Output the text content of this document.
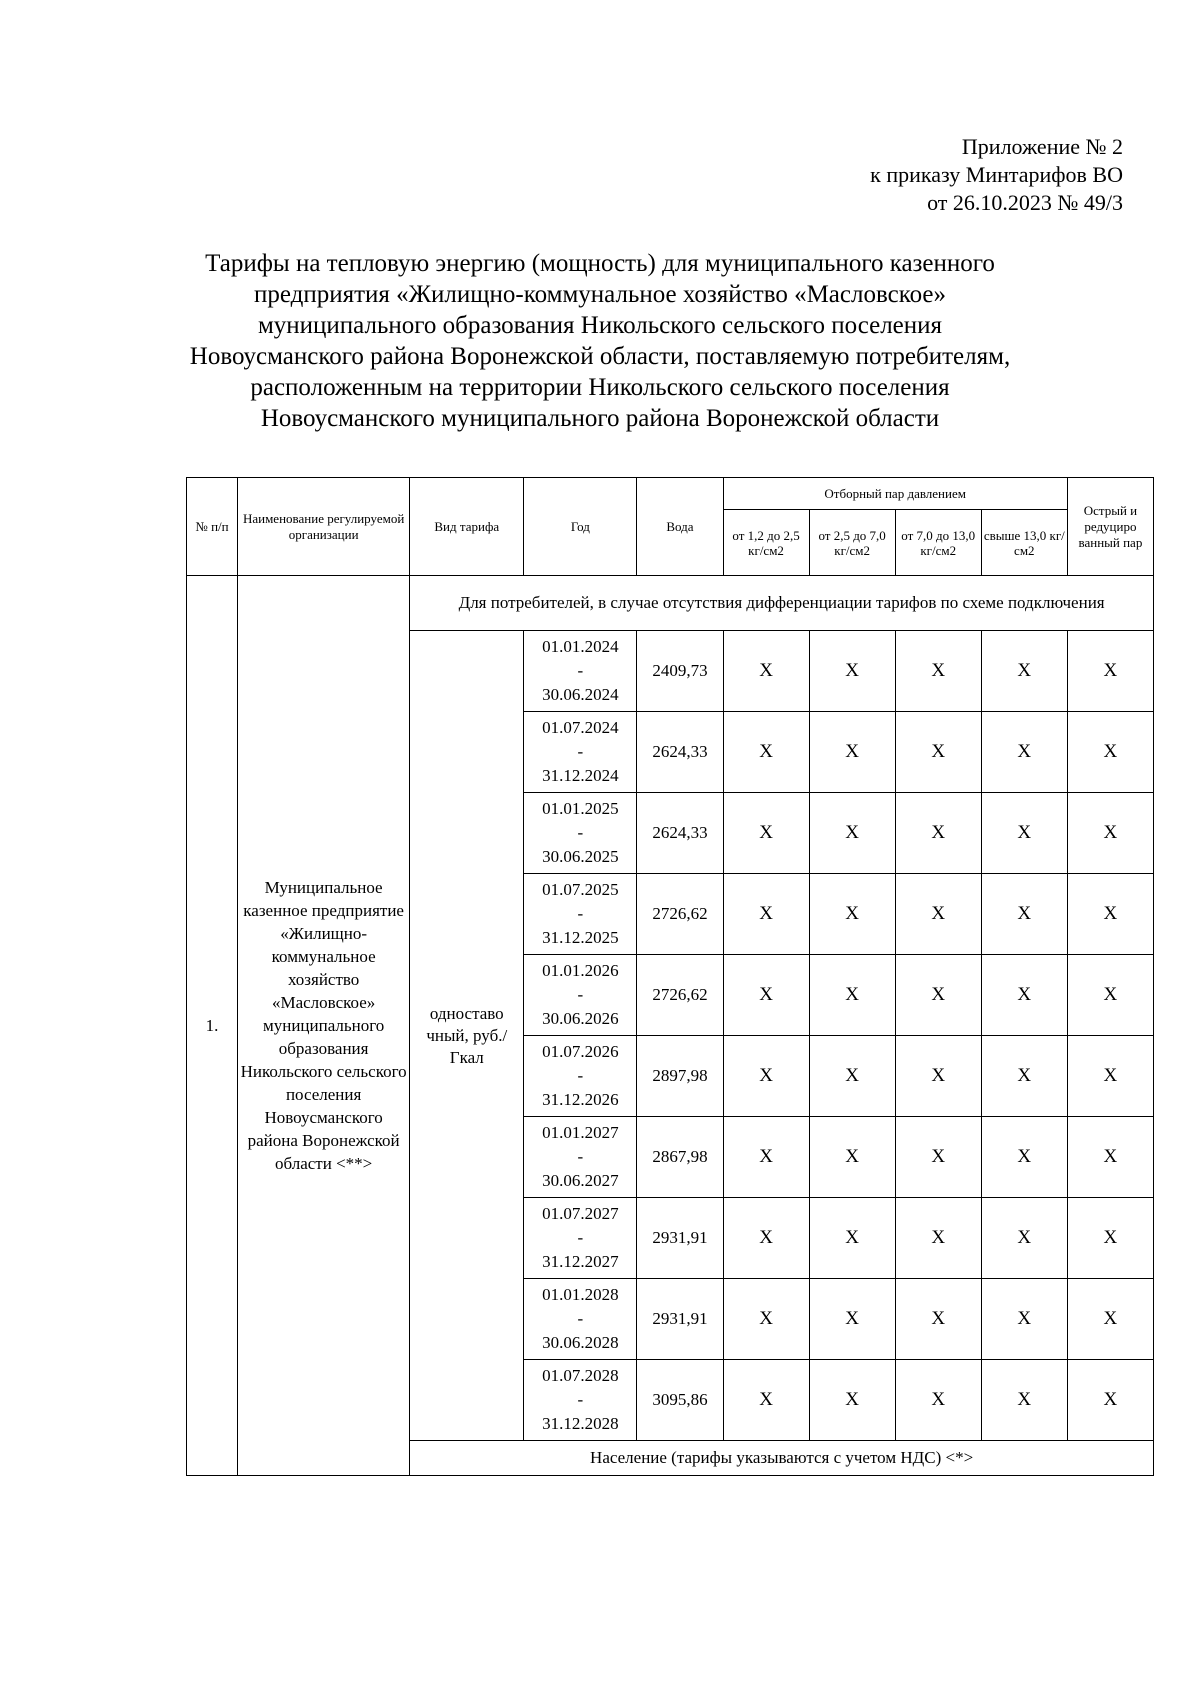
Приложение № 2
к приказу Минтарифов ВО
от 26.10.2023 № 49/3
Тарифы на тепловую энергию (мощность) для муниципального казенного
предприятия «Жилищно-коммунальное хозяйство «Масловское»
муниципального образования Никольского сельского поселения
Новоусманского района Воронежской области, поставляемую потребителям,
расположенным на территории Никольского сельского поселения
Новоусманского муниципального района Воронежской области
№ п/п	Наименование регулируемой организации	Вид тарифа	Год	Вода	Отборный пар давлением				Острый и редуциро ванный пар
					от 1,2 до 2,5 кг/см2	от 2,5 до 7,0 кг/см2	от 7,0 до 13,0 кг/см2	свыше 13,0 кг/см2	
1.	Муниципальное казенное предприятие «Жилищно-коммунальное хозяйство «Масловское» муниципального образования Никольского сельского поселения Новоусманского района Воронежской области <**>	Для потребителей, в случае отсутствия дифференциации тарифов по схеме подключения							
		одноставо чный, руб./Гкал	01.01.2024
-
30.06.2024	2409,73	Х	Х	Х	Х	Х

			01.07.2024
-
31.12.2024	2624,33	Х	Х	Х	Х	Х

			01.01.2025
-
30.06.2025	2624,33	Х	Х	Х	Х	Х

			01.07.2025
-
31.12.2025	2726,62	Х	Х	Х	Х	Х

			01.01.2026
-
30.06.2026	2726,62	Х	Х	Х	Х	Х

			01.07.2026
-
31.12.2026	2897,98	Х	Х	Х	Х	Х

			01.01.2027
-
30.06.2027	2867,98	Х	Х	Х	Х	Х

			01.07.2027
-
31.12.2027	2931,91	Х	Х	Х	Х	Х

			01.01.2028
-
30.06.2028	2931,91	Х	Х	Х	Х	Х

			01.07.2028
-
31.12.2028	3095,86	Х	Х	Х	Х	Х
		Население (тарифы указываются с учетом НДС) <*>							
